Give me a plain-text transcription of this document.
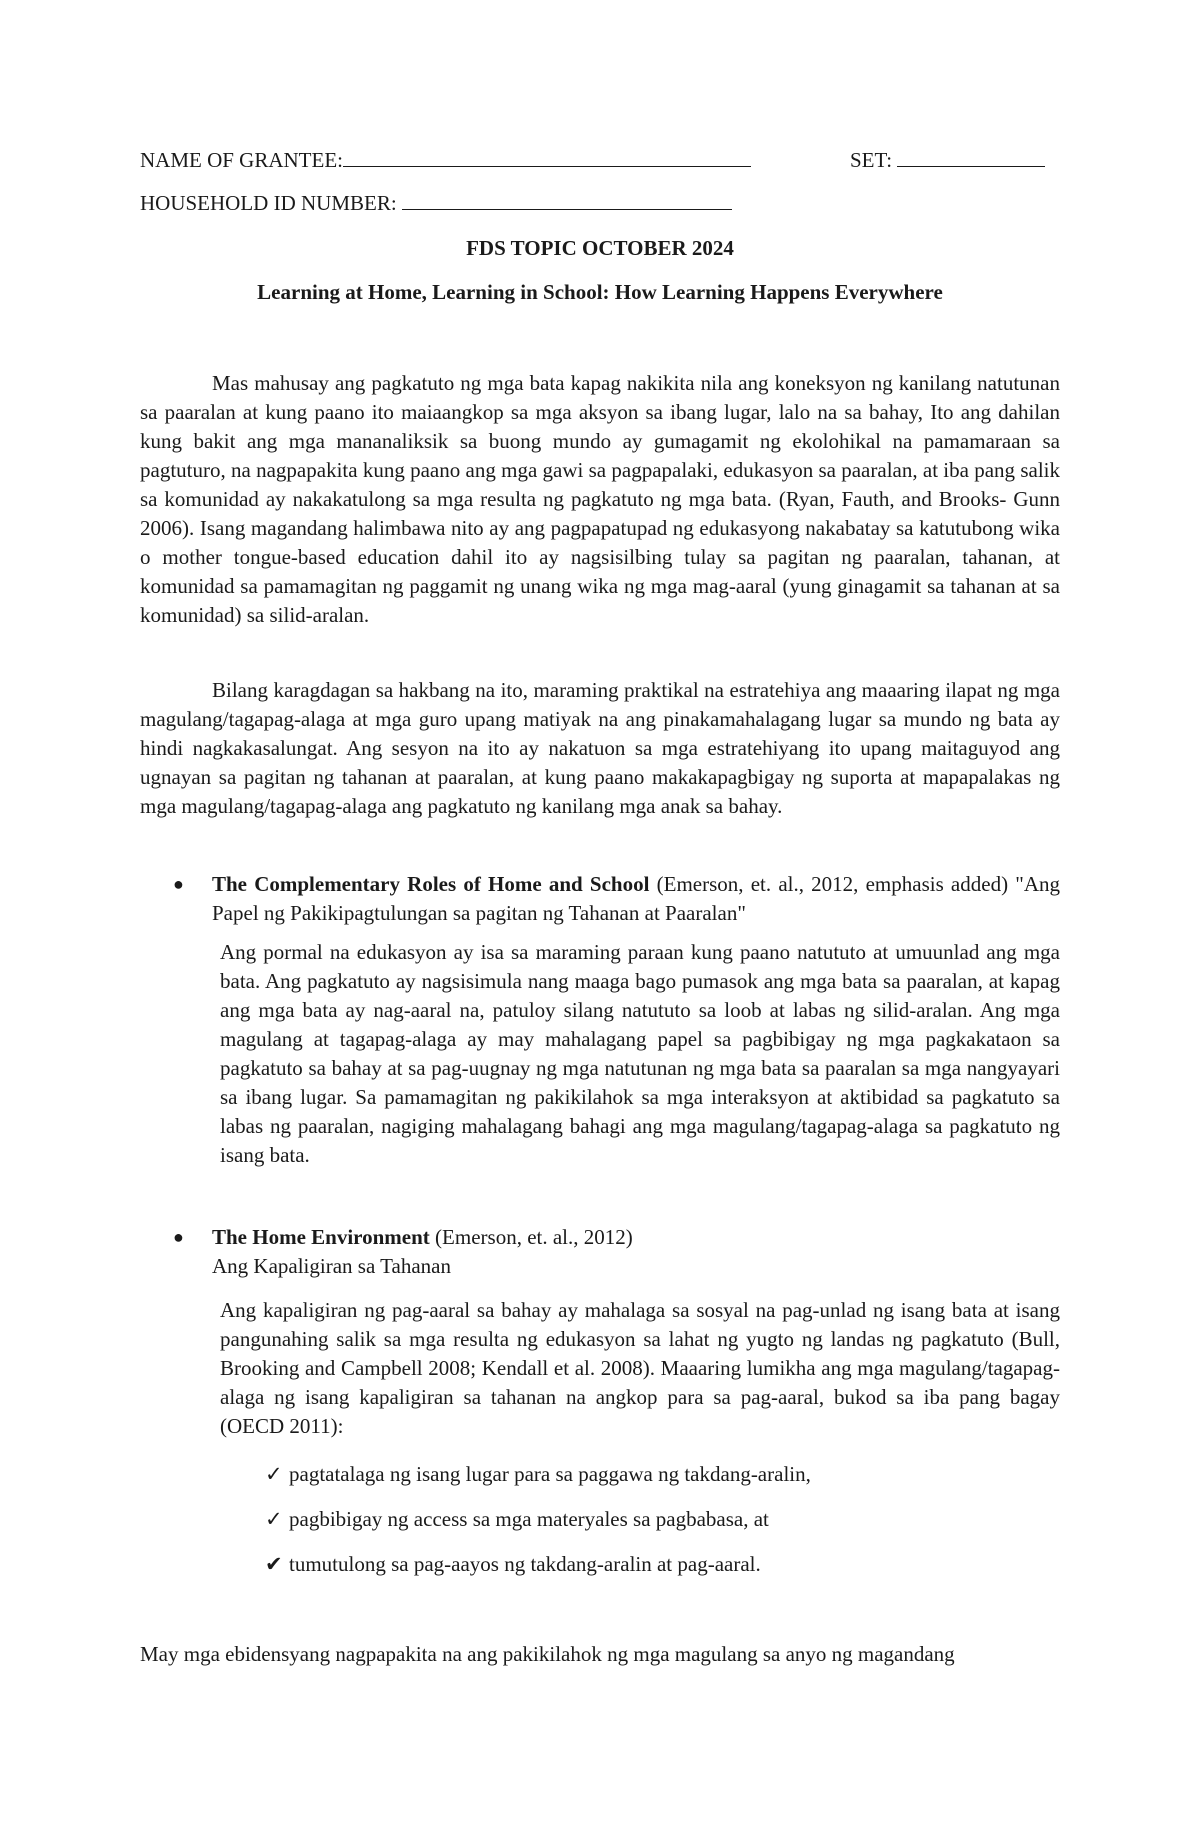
NAME OF GRANTEE:	SET:
HOUSEHOLD ID NUMBER:
FDS TOPIC OCTOBER 2024
Learning at Home, Learning in School: How Learning Happens Everywhere

Mas mahusay ang pagkatuto ng mga bata kapag nakikita nila ang koneksyon ng kanilang natutunan sa paaralan at kung paano ito maiaangkop sa mga aksyon sa ibang lugar, lalo na sa bahay, Ito ang dahilan kung bakit ang mga mananaliksik sa buong mundo ay gumagamit ng ekolohikal na pamamaraan sa pagtuturo, na nagpapakita kung paano ang mga gawi sa pagpapalaki, edukasyon sa paaralan, at iba pang salik sa komunidad ay nakakatulong sa mga resulta ng pagkatuto ng mga bata. (Ryan, Fauth, and Brooks- Gunn 2006). Isang magandang halimbawa nito ay ang pagpapatupad ng edukasyong nakabatay sa katutubong wika o mother tongue-based education dahil ito ay nagsisilbing tulay sa pagitan ng paaralan, tahanan, at komunidad sa pamamagitan ng paggamit ng unang wika ng mga mag-aaral (yung ginagamit sa tahanan at sa komunidad) sa silid-aralan.

Bilang karagdagan sa hakbang na ito, maraming praktikal na estratehiya ang maaaring ilapat ng mga magulang/tagapag-alaga at mga guro upang matiyak na ang pinakamahalagang lugar sa mundo ng bata ay hindi nagkakasalungat. Ang sesyon na ito ay nakatuon sa mga estratehiyang ito upang maitaguyod ang ugnayan sa pagitan ng tahanan at paaralan, at kung paano makakapagbigay ng suporta at mapapalakas ng mga magulang/tagapag-alaga ang pagkatuto ng kanilang mga anak sa bahay.

● The Complementary Roles of Home and School (Emerson, et. al., 2012, emphasis added) "Ang Papel ng Pakikipagtulungan sa pagitan ng Tahanan at Paaralan"

Ang pormal na edukasyon ay isa sa maraming paraan kung paano natututo at umuunlad ang mga bata. Ang pagkatuto ay nagsisimula nang maaga bago pumasok ang mga bata sa paaralan, at kapag ang mga bata ay nag-aaral na, patuloy silang natututo sa loob at labas ng silid-aralan. Ang mga magulang at tagapag-alaga ay may mahalagang papel sa pagbibigay ng mga pagkakataon sa pagkatuto sa bahay at sa pag-uugnay ng mga natutunan ng mga bata sa paaralan sa mga nangyayari sa ibang lugar. Sa pamamagitan ng pakikilahok sa mga interaksyon at aktibidad sa pagkatuto sa labas ng paaralan, nagiging mahalagang bahagi ang mga magulang/tagapag-alaga sa pagkatuto ng isang bata.

● The Home Environment (Emerson, et. al., 2012)
Ang Kapaligiran sa Tahanan

Ang kapaligiran ng pag-aaral sa bahay ay mahalaga sa sosyal na pag-unlad ng isang bata at isang pangunahing salik sa mga resulta ng edukasyon sa lahat ng yugto ng landas ng pagkatuto (Bull, Brooking and Campbell 2008; Kendall et al. 2008). Maaaring lumikha ang mga magulang/tagapag- alaga ng isang kapaligiran sa tahanan na angkop para sa pag-aaral, bukod sa iba pang bagay (OECD 2011):

✓ pagtatalaga ng isang lugar para sa paggawa ng takdang-aralin,
✓ pagbibigay ng access sa mga materyales sa pagbabasa, at
✔ tumutulong sa pag-aayos ng takdang-aralin at pag-aaral.
May mga ebidensyang nagpapakita na ang pakikilahok ng mga magulang sa anyo ng magandang
